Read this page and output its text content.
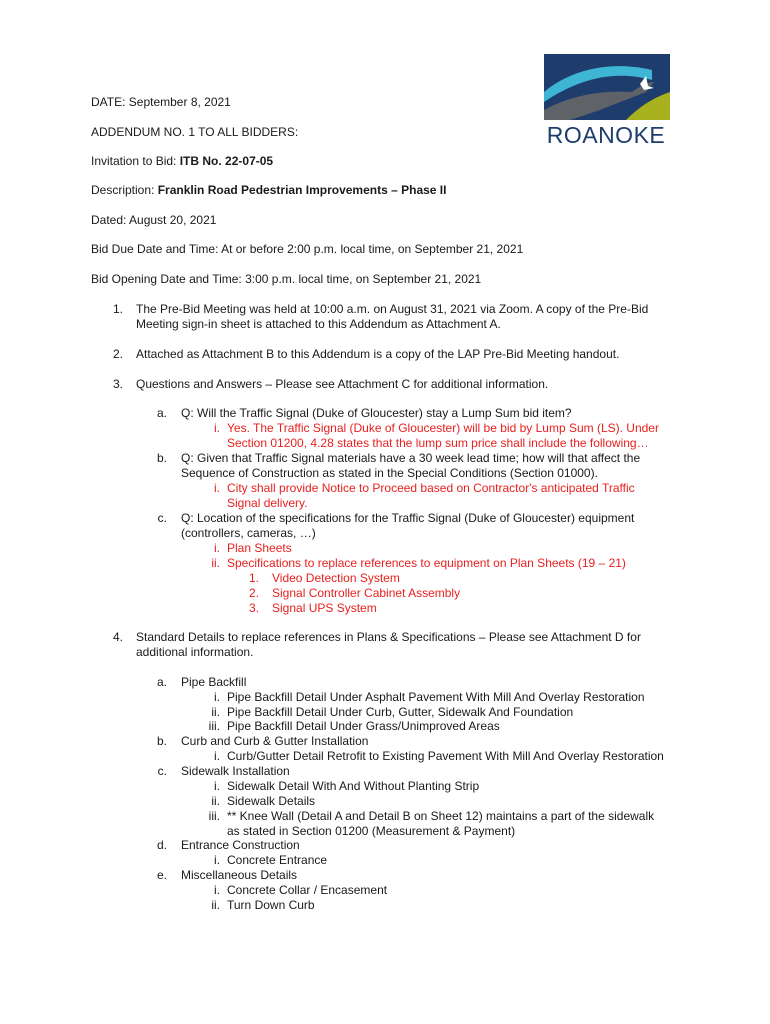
ROANOKE
DATE: September 8, 2021
ADDENDUM NO. 1 TO ALL BIDDERS:
Invitation to Bid: ITB No. 22-07-05
Description: Franklin Road Pedestrian Improvements – Phase II
Dated: August 20, 2021
Bid Due Date and Time: At or before 2:00 p.m. local time, on September 21, 2021
Bid Opening Date and Time: 3:00 p.m. local time, on September 21, 2021
1. The Pre-Bid Meeting was held at 10:00 a.m. on August 31, 2021 via Zoom. A copy of the Pre-Bid
Meeting sign-in sheet is attached to this Addendum as Attachment A.
2. Attached as Attachment B to this Addendum is a copy of the LAP Pre-Bid Meeting handout.
3. Questions and Answers – Please see Attachment C for additional information.
a. Q: Will the Traffic Signal (Duke of Gloucester) stay a Lump Sum bid item?
i. Yes. The Traffic Signal (Duke of Gloucester) will be bid by Lump Sum (LS). Under
Section 01200, 4.28 states that the lump sum price shall include the following…
b. Q: Given that Traffic Signal materials have a 30 week lead time; how will that affect the
Sequence of Construction as stated in the Special Conditions (Section 01000).
i. City shall provide Notice to Proceed based on Contractor's anticipated Traffic
Signal delivery.
c. Q: Location of the specifications for the Traffic Signal (Duke of Gloucester) equipment
(controllers, cameras, …)
i. Plan Sheets
ii. Specifications to replace references to equipment on Plan Sheets (19 – 21)
1. Video Detection System
2. Signal Controller Cabinet Assembly
3. Signal UPS System
4. Standard Details to replace references in Plans & Specifications – Please see Attachment D for
additional information.
a. Pipe Backfill
i. Pipe Backfill Detail Under Asphalt Pavement With Mill And Overlay Restoration
ii. Pipe Backfill Detail Under Curb, Gutter, Sidewalk And Foundation
iii. Pipe Backfill Detail Under Grass/Unimproved Areas
b. Curb and Curb & Gutter Installation
i. Curb/Gutter Detail Retrofit to Existing Pavement With Mill And Overlay Restoration
c. Sidewalk Installation
i. Sidewalk Detail With And Without Planting Strip
ii. Sidewalk Details
iii. ** Knee Wall (Detail A and Detail B on Sheet 12) maintains a part of the sidewalk
as stated in Section 01200 (Measurement & Payment)
d. Entrance Construction
i. Concrete Entrance
e. Miscellaneous Details
i. Concrete Collar / Encasement
ii. Turn Down Curb
